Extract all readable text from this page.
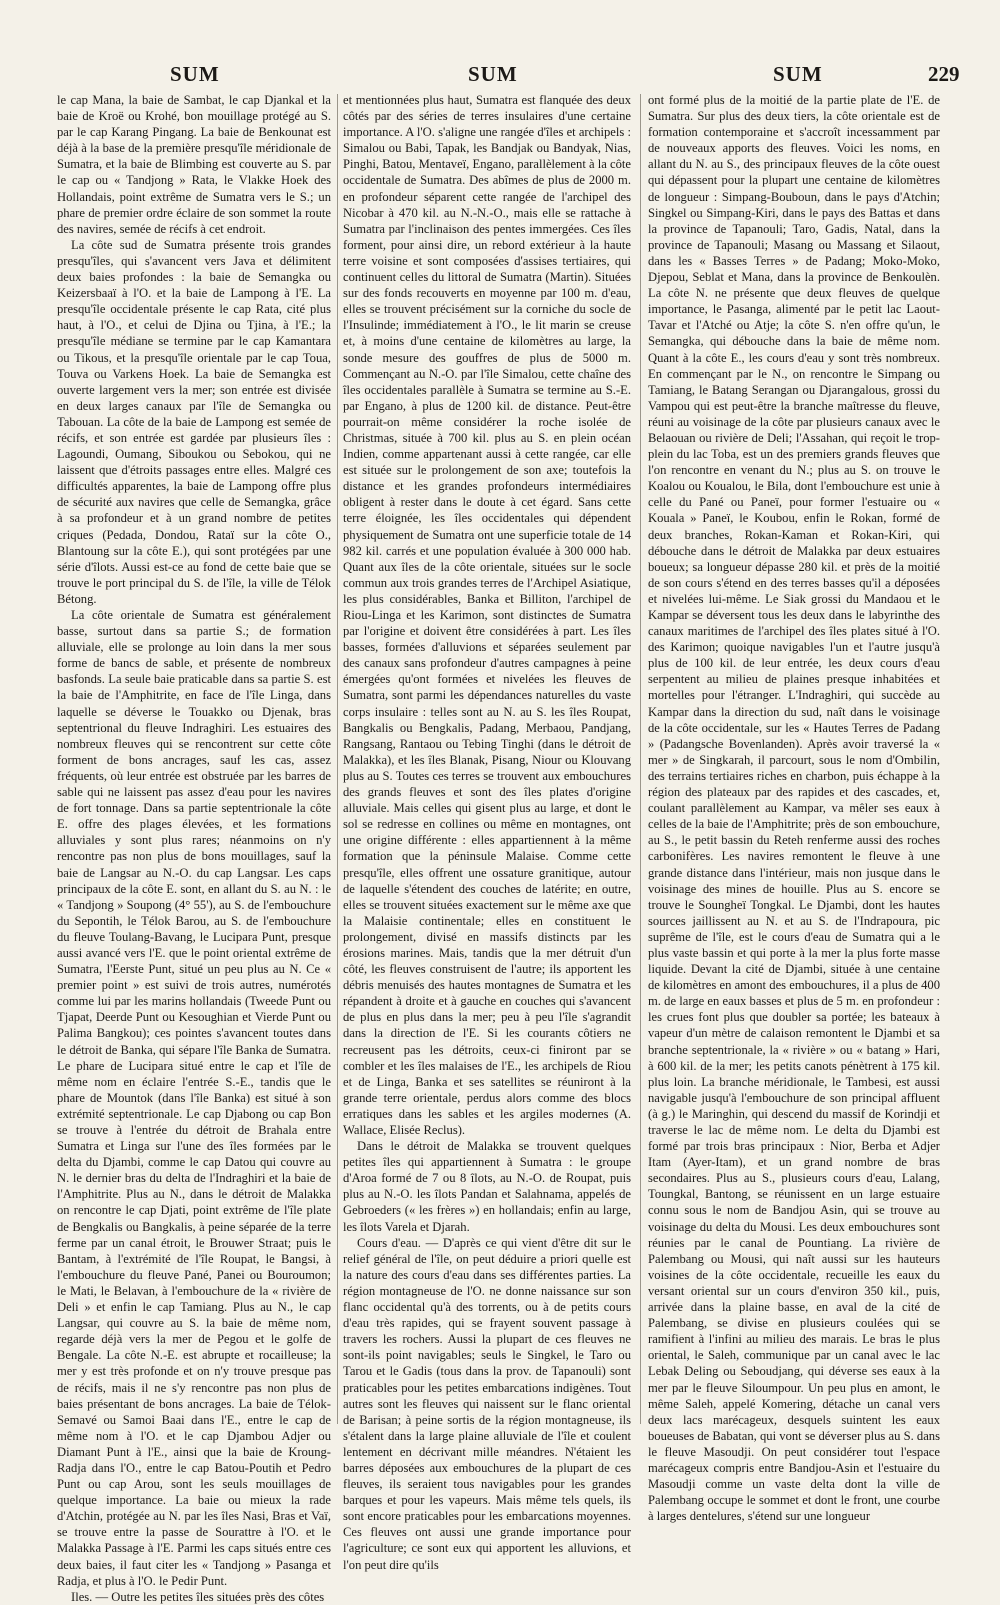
SUM	SUM	SUM	229

le cap Mana, la baie de Sambat, le cap Djankal et la baie de Kroë ou Krohé, bon mouillage protégé au S. par le cap Karang Pingang. La baie de Benkounat est déjà à la base de la première presqu'île méridionale de Sumatra, et la baie de Blimbing est couverte au S. par le cap ou « Tandjong » Rata, le Vlakke Hoek des Hollandais, point extrême de Sumatra vers le S.; un phare de premier ordre éclaire de son sommet la route des navires, semée de récifs à cet endroit.

La côte sud de Sumatra présente trois grandes presqu'îles, qui s'avancent vers Java et délimitent deux baies profondes : la baie de Semangka ou Keizersbaaï à l'O. et la baie de Lampong à l'E. La presqu'île occidentale présente le cap Rata, cité plus haut, à l'O., et celui de Djina ou Tjina, à l'E.; la presqu'île médiane se termine par le cap Kamantara ou Tikous, et la presqu'île orientale par le cap Toua, Touva ou Varkens Hoek. La baie de Semangka est ouverte largement vers la mer; son entrée est divisée en deux larges canaux par l'île de Semangka ou Tabouan. La côte de la baie de Lampong est semée de récifs, et son entrée est gardée par plusieurs îles : Lagoundi, Oumang, Siboukou ou Sebokou, qui ne laissent que d'étroits passages entre elles. Malgré ces difficultés apparentes, la baie de Lampong offre plus de sécurité aux navires que celle de Semangka, grâce à sa profondeur et à un grand nombre de petites criques (Pedada, Dondou, Rataï sur la côte O., Blantoung sur la côte E.), qui sont protégées par une série d'îlots. Aussi est-ce au fond de cette baie que se trouve le port principal du S. de l'île, la ville de Télok Bétong.

La côte orientale de Sumatra est généralement basse, surtout dans sa partie S.; de formation alluviale, elle se prolonge au loin dans la mer sous forme de bancs de sable, et présente de nombreux basfonds. La seule baie praticable dans sa partie S. est la baie de l'Amphitrite, en face de l'île Linga, dans laquelle se déverse le Touakko ou Djenak, bras septentrional du fleuve Indraghiri. Les estuaires des nombreux fleuves qui se rencontrent sur cette côte forment de bons ancrages, sauf les cas, assez fréquents, où leur entrée est obstruée par les barres de sable qui ne laissent pas assez d'eau pour les navires de fort tonnage. Dans sa partie septentrionale la côte E. offre des plages élevées, et les formations alluviales y sont plus rares; néanmoins on n'y rencontre pas non plus de bons mouillages, sauf la baie de Langsar au N.-O. du cap Langsar. Les caps principaux de la côte E. sont, en allant du S. au N. : le « Tandjong » Soupong (4° 55'), au S. de l'embouchure du Sepontih, le Télok Barou, au S. de l'embouchure du fleuve Toulang-Bavang, le Lucipara Punt, presque aussi avancé vers l'E. que le point oriental extrême de Sumatra, l'Eerste Punt, situé un peu plus au N. Ce « premier point » est suivi de trois autres, numérotés comme lui par les marins hollandais (Tweede Punt ou Tjapat, Deerde Punt ou Kesoughian et Vierde Punt ou Palima Bangkou); ces pointes s'avancent toutes dans le détroit de Banka, qui sépare l'île Banka de Sumatra. Le phare de Lucipara situé entre le cap et l'île de même nom en éclaire l'entrée S.-E., tandis que le phare de Mountok (dans l'île Banka) est situé à son extrémité septentrionale. Le cap Djabong ou cap Bon se trouve à l'entrée du détroit de Brahala entre Sumatra et Linga sur l'une des îles formées par le delta du Djambi, comme le cap Datou qui couvre au N. le dernier bras du delta de l'Indraghiri et la baie de l'Amphitrite. Plus au N., dans le détroit de Malakka on rencontre le cap Djati, point extrême de l'île plate de Bengkalis ou Bangkalis, à peine séparée de la terre ferme par un canal étroit, le Brouwer Straat; puis le Bantam, à l'extrémité de l'île Roupat, le Bangsi, à l'embouchure du fleuve Pané, Panei ou Bouroumon; le Mati, le Belavan, à l'embouchure de la « rivière de Deli » et enfin le cap Tamiang. Plus au N., le cap Langsar, qui couvre au S. la baie de même nom, regarde déjà vers la mer de Pegou et le golfe de Bengale. La côte N.-E. est abrupte et rocailleuse; la mer y est très profonde et on n'y trouve presque pas de récifs, mais il ne s'y rencontre pas non plus de baies présentant de bons ancrages. La baie de Télok-Semavé ou Samoi Baai dans l'E., entre le cap de même nom à l'O. et le cap Djambou Adjer ou Diamant Punt à l'E., ainsi que la baie de Kroung-Radja dans l'O., entre le cap Batou-Poutih et Pedro Punt ou cap Arou, sont les seuls mouillages de quelque importance. La baie ou mieux la rade d'Atchin, protégée au N. par les îles Nasi, Bras et Vaï, se trouve entre la passe de Sourattre à l'O. et le Malakka Passage à l'E. Parmi les caps situés entre ces deux baies, il faut citer les « Tandjong » Pasanga et Radja, et plus à l'O. le Pedir Punt.

Iles. — Outre les petites îles situées près des côtes

et mentionnées plus haut, Sumatra est flanquée des deux côtés par des séries de terres insulaires d'une certaine importance. A l'O. s'aligne une rangée d'îles et archipels : Simalou ou Babi, Tapak, les Bandjak ou Bandyak, Nias, Pinghi, Batou, Mentaveï, Engano, parallèlement à la côte occidentale de Sumatra. Des abîmes de plus de 2000 m. en profondeur séparent cette rangée de l'archipel des Nicobar à 470 kil. au N.-N.-O., mais elle se rattache à Sumatra par l'inclinaison des pentes immergées. Ces îles forment, pour ainsi dire, un rebord extérieur à la haute terre voisine et sont composées d'assises tertiaires, qui continuent celles du littoral de Sumatra (Martin). Situées sur des fonds recouverts en moyenne par 100 m. d'eau, elles se trouvent précisément sur la corniche du socle de l'Insulinde; immédiatement à l'O., le lit marin se creuse et, à moins d'une centaine de kilomètres au large, la sonde mesure des gouffres de plus de 5000 m. Commençant au N.-O. par l'île Simalou, cette chaîne des îles occidentales parallèle à Sumatra se termine au S.-E. par Engano, à plus de 1200 kil. de distance. Peut-être pourrait-on même considérer la roche isolée de Christmas, située à 700 kil. plus au S. en plein océan Indien, comme appartenant aussi à cette rangée, car elle est située sur le prolongement de son axe; toutefois la distance et les grandes profondeurs intermédiaires obligent à rester dans le doute à cet égard. Sans cette terre éloignée, les îles occidentales qui dépendent physiquement de Sumatra ont une superficie totale de 14 982 kil. carrés et une population évaluée à 300 000 hab. Quant aux îles de la côte orientale, situées sur le socle commun aux trois grandes terres de l'Archipel Asiatique, les plus considérables, Banka et Billiton, l'archipel de Riou-Linga et les Karimon, sont distinctes de Sumatra par l'origine et doivent être considérées à part. Les îles basses, formées d'alluvions et séparées seulement par des canaux sans profondeur d'autres campagnes à peine émergées qu'ont formées et nivelées les fleuves de Sumatra, sont parmi les dépendances naturelles du vaste corps insulaire : telles sont au N. au S. les îles Roupat, Bangkalis ou Bengkalis, Padang, Merbaou, Pandjang, Rangsang, Rantaou ou Tebing Tinghi (dans le détroit de Malakka), et les îles Blanak, Pisang, Niour ou Klouvang plus au S. Toutes ces terres se trouvent aux embouchures des grands fleuves et sont des îles plates d'origine alluviale. Mais celles qui gisent plus au large, et dont le sol se redresse en collines ou même en montagnes, ont une origine différente : elles appartiennent à la même formation que la péninsule Malaise. Comme cette presqu'île, elles offrent une ossature granitique, autour de laquelle s'étendent des couches de latérite; en outre, elles se trouvent situées exactement sur le même axe que la Malaisie continentale; elles en constituent le prolongement, divisé en massifs distincts par les érosions marines. Mais, tandis que la mer détruit d'un côté, les fleuves construisent de l'autre; ils apportent les débris menuisés des hautes montagnes de Sumatra et les répandent à droite et à gauche en couches qui s'avancent de plus en plus dans la mer; peu à peu l'île s'agrandit dans la direction de l'E. Si les courants côtiers ne recreusent pas les détroits, ceux-ci finiront par se combler et les îles malaises de l'E., les archipels de Riou et de Linga, Banka et ses satellites se réuniront à la grande terre orientale, perdus alors comme des blocs erratiques dans les sables et les argiles modernes (A. Wallace, Elisée Reclus).

Dans le détroit de Malakka se trouvent quelques petites îles qui appartiennent à Sumatra : le groupe d'Aroa formé de 7 ou 8 îlots, au N.-O. de Roupat, puis plus au N.-O. les îlots Pandan et Salahnama, appelés de Gebroeders (« les frères ») en hollandais; enfin au large, les îlots Varela et Djarah.

Cours d'eau. — D'après ce qui vient d'être dit sur le relief général de l'île, on peut déduire a priori quelle est la nature des cours d'eau dans ses différentes parties. La région montagneuse de l'O. ne donne naissance sur son flanc occidental qu'à des torrents, ou à de petits cours d'eau très rapides, qui se frayent souvent passage à travers les rochers. Aussi la plupart de ces fleuves ne sont-ils point navigables; seuls le Singkel, le Taro ou Tarou et le Gadis (tous dans la prov. de Tapanouli) sont praticables pour les petites embarcations indigènes. Tout autres sont les fleuves qui naissent sur le flanc oriental de Barisan; à peine sortis de la région montagneuse, ils s'étalent dans la large plaine alluviale de l'île et coulent lentement en décrivant mille méandres. N'étaient les barres déposées aux embouchures de la plupart de ces fleuves, ils seraient tous navigables pour les grandes barques et pour les vapeurs. Mais même tels quels, ils sont encore praticables pour les embarcations moyennes. Ces fleuves ont aussi une grande importance pour l'agriculture; ce sont eux qui apportent les alluvions, et l'on peut dire qu'ils

ont formé plus de la moitié de la partie plate de l'E. de Sumatra. Sur plus des deux tiers, la côte orientale est de formation contemporaine et s'accroît incessamment par de nouveaux apports des fleuves. Voici les noms, en allant du N. au S., des principaux fleuves de la côte ouest qui dépassent pour la plupart une centaine de kilomètres de longueur : Simpang-Bouboun, dans le pays d'Atchin; Singkel ou Simpang-Kiri, dans le pays des Battas et dans la province de Tapanouli; Taro, Gadis, Natal, dans la province de Tapanouli; Masang ou Massang et Silaout, dans les « Basses Terres » de Padang; Moko-Moko, Djepou, Seblat et Mana, dans la province de Benkoulèn. La côte N. ne présente que deux fleuves de quelque importance, le Pasanga, alimenté par le petit lac Laout-Tavar et l'Atché ou Atje; la côte S. n'en offre qu'un, le Semangka, qui débouche dans la baie de même nom. Quant à la côte E., les cours d'eau y sont très nombreux. En commençant par le N., on rencontre le Simpang ou Tamiang, le Batang Serangan ou Djarangalous, grossi du Vampou qui est peut-être la branche maîtresse du fleuve, réuni au voisinage de la côte par plusieurs canaux avec le Belaouan ou rivière de Deli; l'Assahan, qui reçoit le trop-plein du lac Toba, est un des premiers grands fleuves que l'on rencontre en venant du N.; plus au S. on trouve le Koalou ou Koualou, le Bila, dont l'embouchure est unie à celle du Pané ou Paneï, pour former l'estuaire ou « Kouala » Paneï, le Koubou, enfin le Rokan, formé de deux branches, Rokan-Kaman et Rokan-Kiri, qui débouche dans le détroit de Malakka par deux estuaires boueux; sa longueur dépasse 280 kil. et près de la moitié de son cours s'étend en des terres basses qu'il a déposées et nivelées lui-même. Le Siak grossi du Mandaou et le Kampar se déversent tous les deux dans le labyrinthe des canaux maritimes de l'archipel des îles plates situé à l'O. des Karimon; quoique navigables l'un et l'autre jusqu'à plus de 100 kil. de leur entrée, les deux cours d'eau serpentent au milieu de plaines presque inhabitées et mortelles pour l'étranger. L'Indraghiri, qui succède au Kampar dans la direction du sud, naît dans le voisinage de la côte occidentale, sur les « Hautes Terres de Padang » (Padangsche Bovenlanden). Après avoir traversé la « mer » de Singkarah, il parcourt, sous le nom d'Ombilin, des terrains tertiaires riches en charbon, puis échappe à la région des plateaux par des rapides et des cascades, et, coulant parallèlement au Kampar, va mêler ses eaux à celles de la baie de l'Amphitrite; près de son embouchure, au S., le petit bassin du Reteh renferme aussi des roches carbonifères. Les navires remontent le fleuve à une grande distance dans l'intérieur, mais non jusque dans le voisinage des mines de houille. Plus au S. encore se trouve le Soungheï Tongkal. Le Djambi, dont les hautes sources jaillissent au N. et au S. de l'Indrapoura, pic suprême de l'île, est le cours d'eau de Sumatra qui a le plus vaste bassin et qui porte à la mer la plus forte masse liquide. Devant la cité de Djambi, située à une centaine de kilomètres en amont des embouchures, il a plus de 400 m. de large en eaux basses et plus de 5 m. en profondeur : les crues font plus que doubler sa portée; les bateaux à vapeur d'un mètre de calaison remontent le Djambi et sa branche septentrionale, la « rivière » ou « batang » Hari, à 600 kil. de la mer; les petits canots pénètrent à 175 kil. plus loin. La branche méridionale, le Tambesi, est aussi navigable jusqu'à l'embouchure de son principal affluent (à g.) le Maringhin, qui descend du massif de Korindji et traverse le lac de même nom. Le delta du Djambi est formé par trois bras principaux : Nior, Berba et Adjer Itam (Ayer-Itam), et un grand nombre de bras secondaires. Plus au S., plusieurs cours d'eau, Lalang, Toungkal, Bantong, se réunissent en un large estuaire connu sous le nom de Bandjou Asin, qui se trouve au voisinage du delta du Mousi. Les deux embouchures sont réunies par le canal de Pountiang. La rivière de Palembang ou Mousi, qui naît aussi sur les hauteurs voisines de la côte occidentale, recueille les eaux du versant oriental sur un cours d'environ 350 kil., puis, arrivée dans la plaine basse, en aval de la cité de Palembang, se divise en plusieurs coulées qui se ramifient à l'infini au milieu des marais. Le bras le plus oriental, le Saleh, communique par un canal avec le lac Lebak Deling ou Seboudjang, qui déverse ses eaux à la mer par le fleuve Siloumpour. Un peu plus en amont, le même Saleh, appelé Komering, détache un canal vers deux lacs marécageux, desquels suintent les eaux boueuses de Babatan, qui vont se déverser plus au S. dans le fleuve Masoudji. On peut considérer tout l'espace marécageux compris entre Bandjou-Asin et l'estuaire du Masoudji comme un vaste delta dont la ville de Palembang occupe le sommet et dont le front, une courbe à larges dentelures, s'étend sur une longueur
